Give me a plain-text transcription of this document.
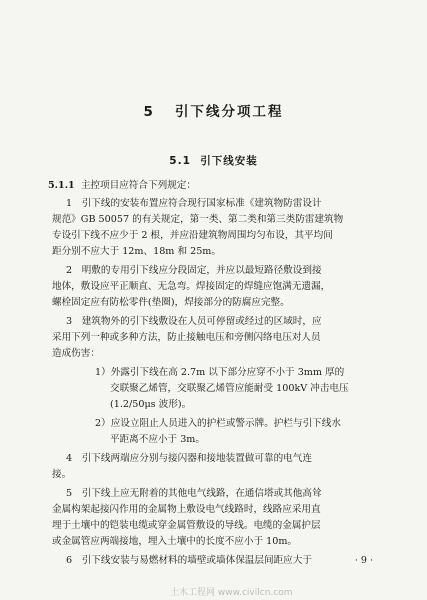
5 引下线分项工程
5.1 引下线安装
5.1.1 主控项目应符合下列规定：
1　引下线的安装布置应符合现行国家标准《建筑物防雷设计
规范》GB 50057 的有关规定，第一类、第二类和第三类防雷建筑物
专设引下线不应少于 2 根，并应沿建筑物周围均匀布设，其平均间
距分别不应大于 12m、18m 和 25m。
2　明敷的专用引下线应分段固定，并应以最短路径敷设到接
地体，敷设应平正顺直、无急弯。焊接固定的焊缝应饱满无遗漏，
螺栓固定应有防松零件(垫圈)，焊接部分的防腐应完整。
3　建筑物外的引下线敷设在人员可停留或经过的区域时，应
采用下列一种或多种方法，防止接触电压和旁侧闪络电压对人员
造成伤害：
1）外露引下线在高 2.7m 以下部分应穿不小于 3mm 厚的
交联聚乙烯管，交联聚乙烯管应能耐受 100kV 冲击电压
(1.2/50μs 波形)。
2）应设立阻止人员进入的护栏或警示牌。护栏与引下线水
平距离不应小于 3m。
4　引下线两端应分别与接闪器和接地装置做可靠的电气连
接。
5　引下线上应无附着的其他电气线路，在通信塔或其他高耸
金属构架起接闪作用的金属物上敷设电气线路时，线路应采用直
埋于土壤中的铠装电缆或穿金属管敷设的导线。电缆的金属护层
或金属管应两端接地，埋入土壤中的长度不应小于 10m。
6　引下线安装与易燃材料的墙壁或墙体保温层间距应大于	· 9 ·
土木工程网 www.civilcn.com
